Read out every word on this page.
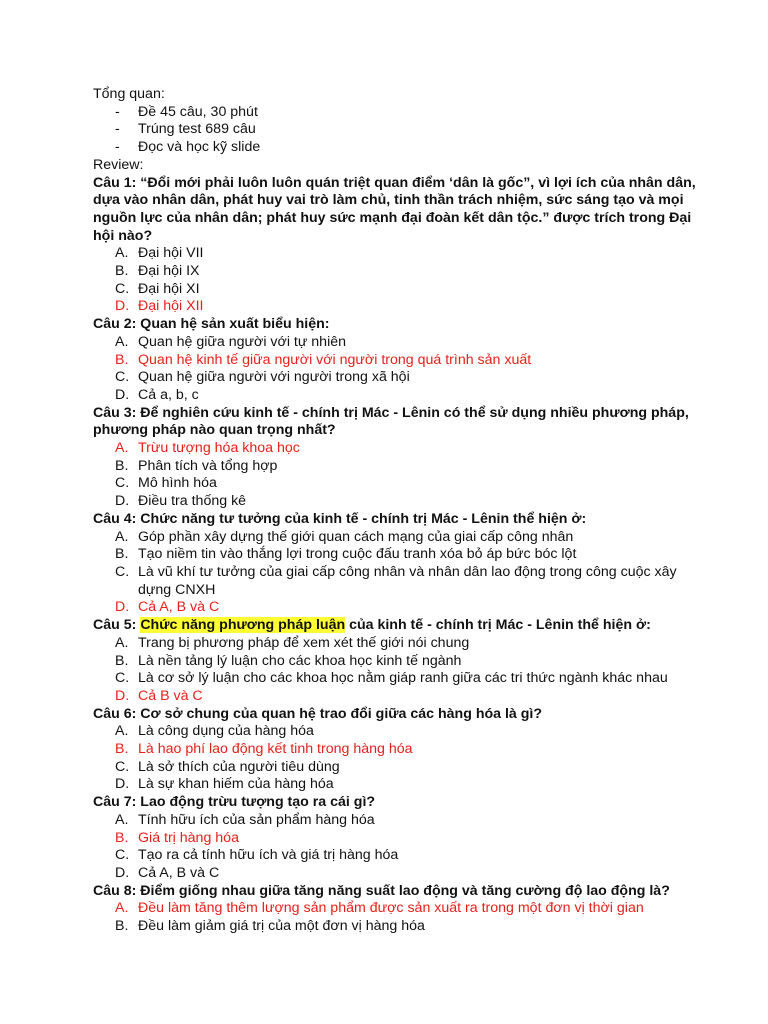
Tổng quan:
- Đề 45 câu, 30 phút
- Trúng test 689 câu
- Đọc và học kỹ slide
Review:
Câu 1: “Đổi mới phải luôn luôn quán triệt quan điểm ‘dân là gốc”, vì lợi ích của nhân dân, dựa vào nhân dân, phát huy vai trò làm chủ, tinh thần trách nhiệm, sức sáng tạo và mọi nguồn lực của nhân dân; phát huy sức mạnh đại đoàn kết dân tộc.” được trích trong Đại hội nào?
A. Đại hội VII
B. Đại hội IX
C. Đại hội XI
D. Đại hội XII
Câu 2: Quan hệ sản xuất biểu hiện:
A. Quan hệ giữa người với tự nhiên
B. Quan hệ kinh tế giữa người với người trong quá trình sản xuất
C. Quan hệ giữa người với người trong xã hội
D. Cả a, b, c
Câu 3: Để nghiên cứu kinh tế - chính trị Mác - Lênin có thể sử dụng nhiều phương pháp, phương pháp nào quan trọng nhất?
A. Trừu tượng hóa khoa học
B. Phân tích và tổng hợp
C. Mô hình hóa
D. Điều tra thống kê
Câu 4: Chức năng tư tưởng của kinh tế - chính trị Mác - Lênin thể hiện ở:
A. Góp phần xây dựng thế giới quan cách mạng của giai cấp công nhân
B. Tạo niềm tin vào thắng lợi trong cuộc đấu tranh xóa bỏ áp bức bóc lột
C. Là vũ khí tư tưởng của giai cấp công nhân và nhân dân lao động trong công cuộc xây dựng CNXH
D. Cả A, B và C
Câu 5: Chức năng phương pháp luận của kinh tế - chính trị Mác - Lênin thể hiện ở:
A. Trang bị phương pháp để xem xét thế giới nói chung
B. Là nền tảng lý luận cho các khoa học kinh tế ngành
C. Là cơ sở lý luận cho các khoa học nằm giáp ranh giữa các tri thức ngành khác nhau
D. Cả B và C
Câu 6: Cơ sở chung của quan hệ trao đổi giữa các hàng hóa là gì?
A. Là công dụng của hàng hóa
B. Là hao phí lao động kết tinh trong hàng hóa
C. Là sở thích của người tiêu dùng
D. Là sự khan hiếm của hàng hóa
Câu 7: Lao động trừu tượng tạo ra cái gì?
A. Tính hữu ích của sản phẩm hàng hóa
B. Giá trị hàng hóa
C. Tạo ra cả tính hữu ích và giá trị hàng hóa
D. Cả A, B và C
Câu 8: Điểm giống nhau giữa tăng năng suất lao động và tăng cường độ lao động là?
A. Đều làm tăng thêm lượng sản phẩm được sản xuất ra trong một đơn vị thời gian
B. Đều làm giảm giá trị của một đơn vị hàng hóa
